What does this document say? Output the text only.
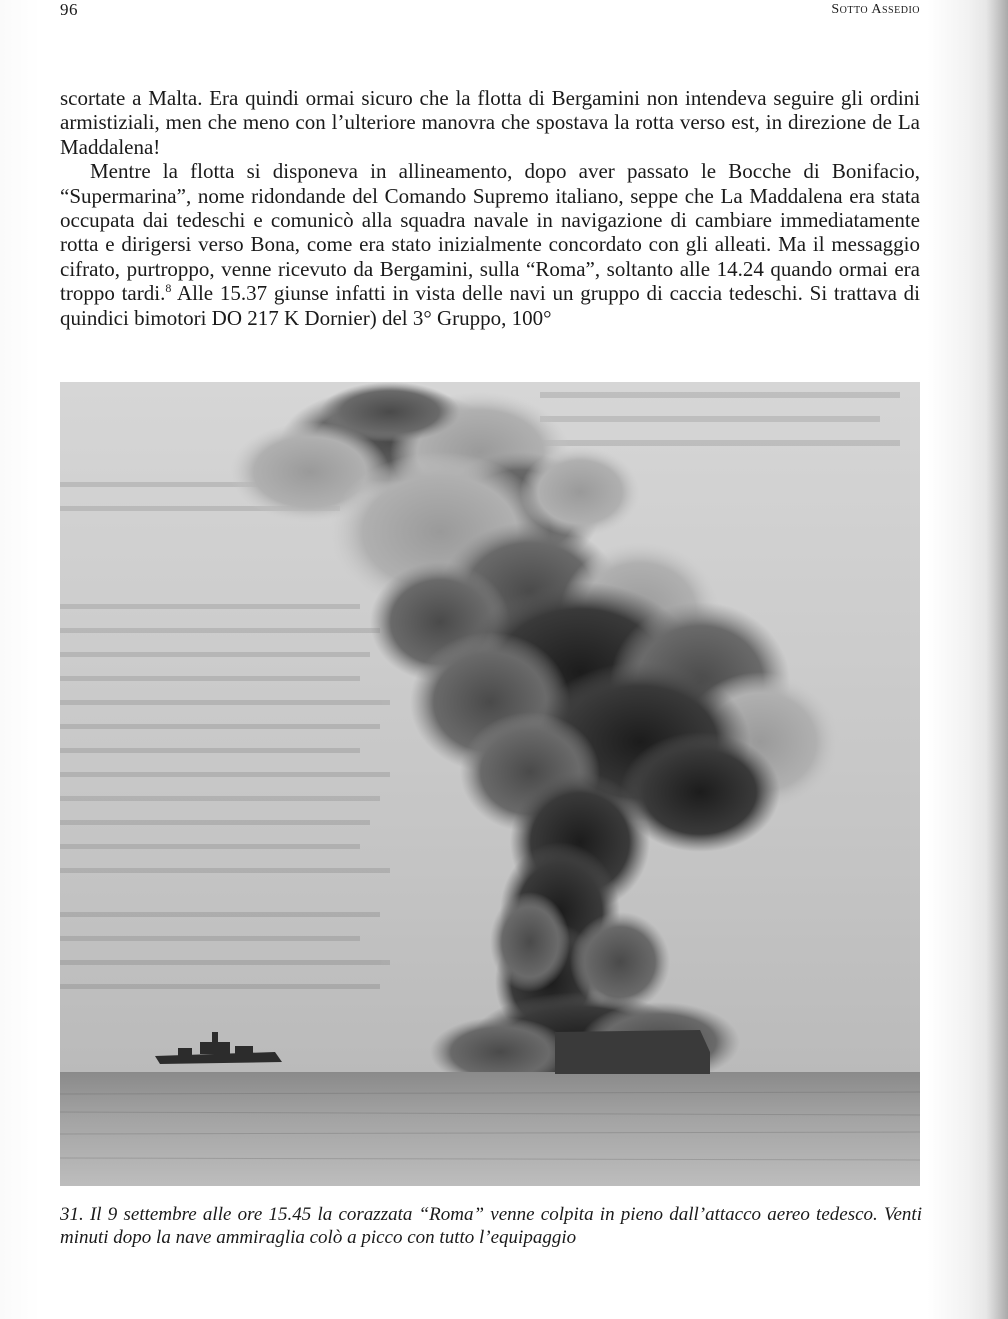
96	Sotto Assedio

scortate a Malta. Era quindi ormai sicuro che la flotta di Bergamini non intendeva seguire gli ordini armistiziali, men che meno con l’ulteriore manovra che spostava la rotta verso est, in direzione de La Maddalena!

Mentre la flotta si disponeva in allineamento, dopo aver passato le Bocche di Bonifacio, “Supermarina”, nome ridondande del Comando Supremo italiano, seppe che La Maddalena era stata occupata dai tedeschi e comunicò alla squadra navale in navigazione di cambiare immediatamente rotta e dirigersi verso Bona, come era stato inizialmente concordato con gli alleati. Ma il messaggio cifrato, purtroppo, venne ricevuto da Bergamini, sulla “Roma”, soltanto alle 14.24 quando ormai era troppo tardi.$^8$ Alle 15.37 giunse infatti in vista delle navi un gruppo di caccia tedeschi. Si trattava di quindici bimotori DO 217 K Dornier) del 3° Gruppo, 100°

31. Il 9 settembre alle ore 15.45 la corazzata “Roma” venne colpita in pieno dall’attacco aereo tedesco. Venti minuti dopo la nave ammiraglia colò a picco con tutto l’equipaggio
